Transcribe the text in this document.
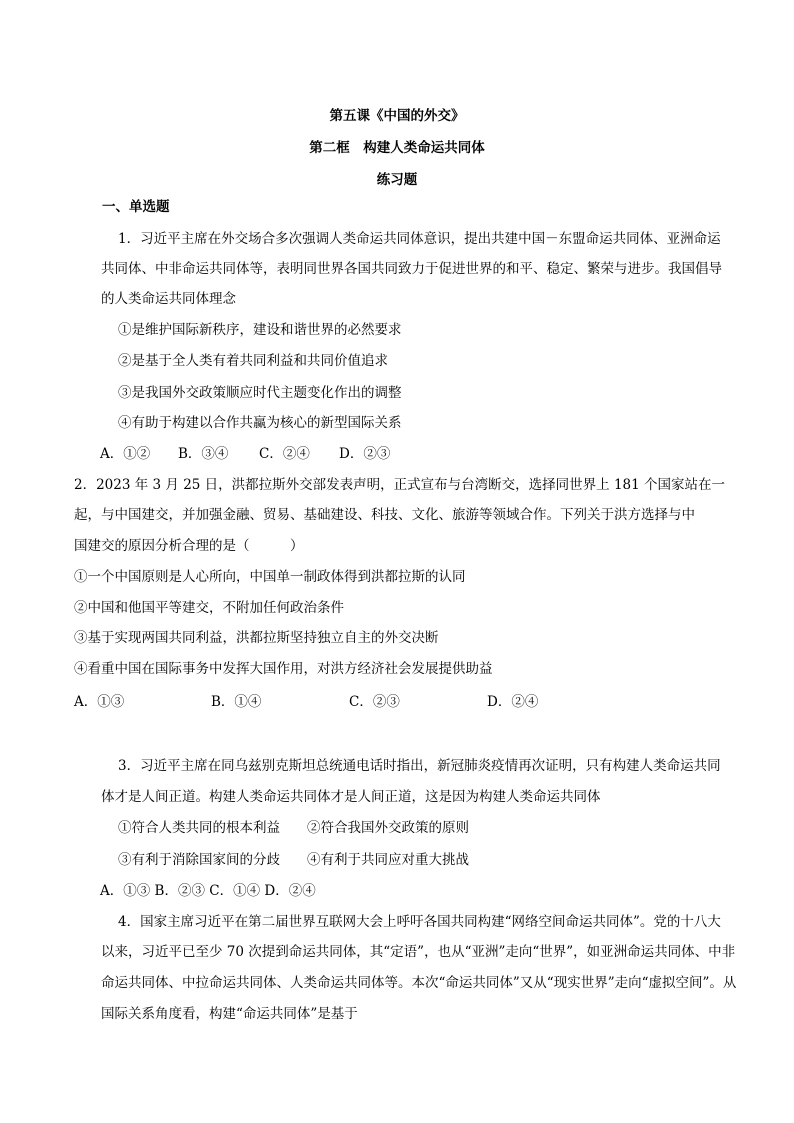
第五课《中国的外交》
第二框　构建人类命运共同体
练习题
一、单选题
1．习近平主席在外交场合多次强调人类命运共同体意识，提出共建中国－东盟命运共同体、亚洲命运
共同体、中非命运共同体等，表明同世界各国共同致力于促进世界的和平、稳定、繁荣与进步。我国倡导
的人类命运共同体理念
①是维护国际新秩序，建设和谐世界的必然要求
②是基于全人类有着共同利益和共同价值追求
③是我国外交政策顺应时代主题变化作出的调整
④有助于构建以合作共赢为核心的新型国际关系
A．①② B．③④ C．②④ D．②③
2．2023 年 3 月 25 日，洪都拉斯外交部发表声明，正式宣布与台湾断交，选择同世界上 181 个国家站在一
起，与中国建交，并加强金融、贸易、基础建设、科技、文化、旅游等领域合作。下列关于洪方选择与中
国建交的原因分析合理的是（　　　）
①一个中国原则是人心所向，中国单一制政体得到洪都拉斯的认同
②中国和他国平等建交，不附加任何政治条件
③基于实现两国共同利益，洪都拉斯坚持独立自主的外交决断
④看重中国在国际事务中发挥大国作用，对洪方经济社会发展提供助益
A．①③	B．①④	C．②③	D．②④
3．习近平主席在同乌兹别克斯坦总统通电话时指出，新冠肺炎疫情再次证明，只有构建人类命运共同
体才是人间正道。构建人类命运共同体才是人间正道，这是因为构建人类命运共同体
①符合人类共同的根本利益　　②符合我国外交政策的原则
③有利于消除国家间的分歧　　④有利于共同应对重大挑战
A．①③ B．②③ C．①④ D．②④
4．国家主席习近平在第二届世界互联网大会上呼吁各国共同构建“网络空间命运共同体”。党的十八大
以来，习近平已至少 70 次提到命运共同体，其“定语”，也从“亚洲”走向“世界”，如亚洲命运共同体、中非
命运共同体、中拉命运共同体、人类命运共同体等。本次“命运共同体”又从“现实世界”走向“虚拟空间”。从
国际关系角度看，构建“命运共同体”是基于
